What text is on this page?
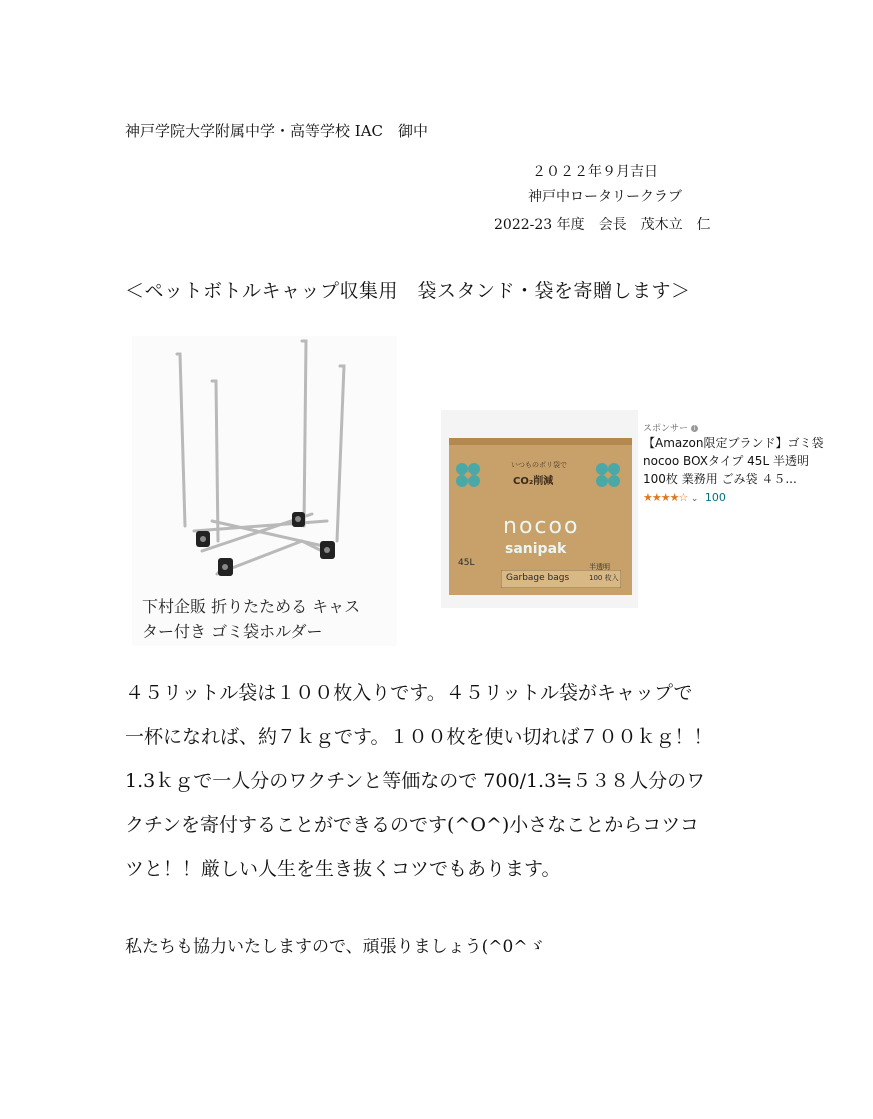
神戸学院大学附属中学・高等学校 IAC　御中
２０２２年９月吉日
神戸中ロータリークラブ
2022-23 年度　会長　茂木立　仁
＜ペットボトルキャップ収集用　袋スタンド・袋を寄贈します＞
下村企販 折りたためる キャス
ター付き ゴミ袋ホルダー
いつものポリ袋で
CO₂削減
nocoo
sanipak
Garbage bags
半透明
100 枚入
45L
スポンサー i
【Amazon限定ブランド】ゴミ袋 nocoo BOXタイプ 45L 半透明 100枚 業務用 ごみ袋 ４５...
★★★★☆ ⌄ 100
４５リットル袋は１００枚入りです。４５リットル袋がキャップで
一杯になれば、約７ｋｇです。１００枚を使い切れば７００ｋｇ！！
1.3ｋｇで一人分のワクチンと等価なので 700/1.3≒５３８人分のワ
クチンを寄付することができるのです(^O^)小さなことからコツコ
ツと！！厳しい人生を生き抜くコツでもあります。
私たちも協力いたしますので、頑張りましょう(^0^ゞ
